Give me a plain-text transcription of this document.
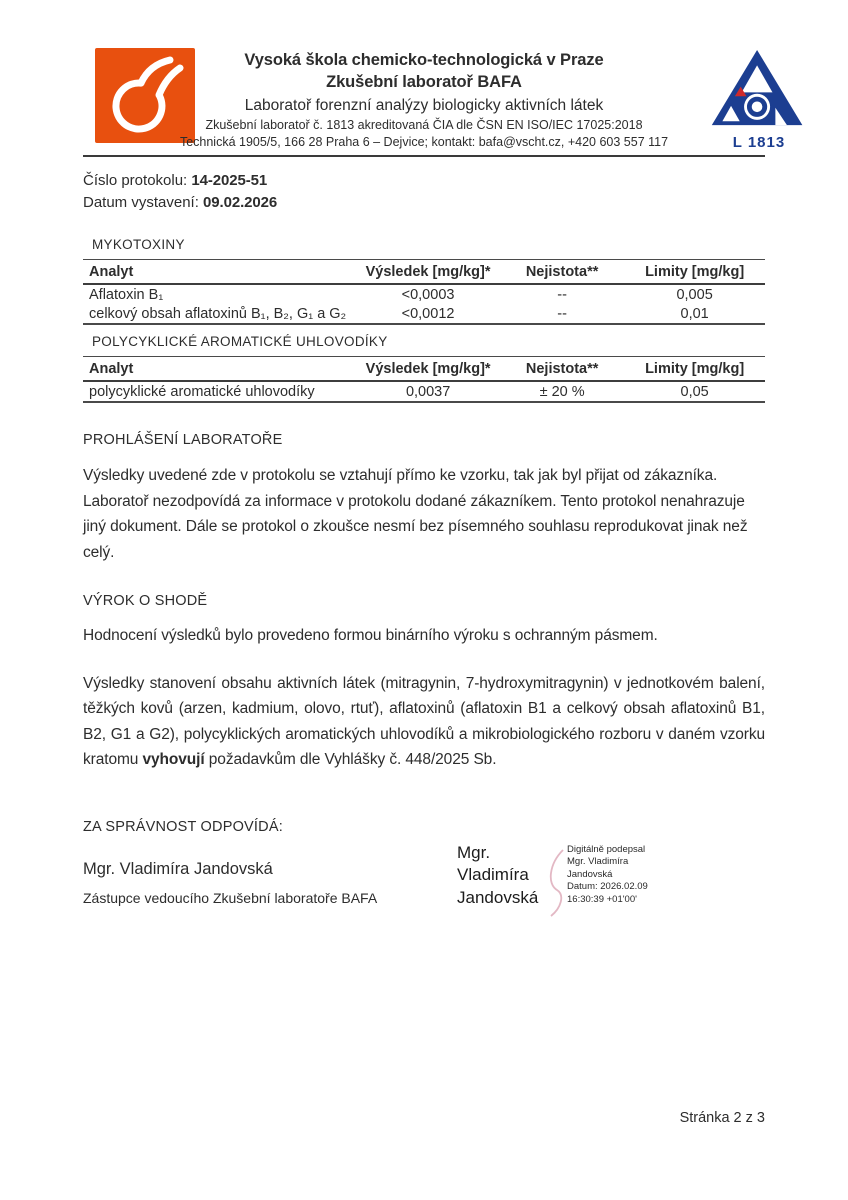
L 1813
Vysoká škola chemicko-technologická v Praze
Zkušební laboratoř BAFA
Laboratoř forenzní analýzy biologicky aktivních látek
Zkušební laboratoř č. 1813 akreditovaná ČIA dle ČSN EN ISO/IEC 17025:2018
Technická 1905/5, 166 28 Praha 6 – Dejvice; kontakt: bafa@vscht.cz, +420 603 557 117
Číslo protokolu: 14-2025-51
Datum vystavení: 09.02.2026
MYKOTOXINY
Analyt	Výsledek [mg/kg]*	Nejistota**	Limity [mg/kg]
Aflatoxin B₁	<0,0003	--	0,005
celkový obsah aflatoxinů B₁, B₂, G₁ a G₂	<0,0012	--	0,01
POLYCYKLICKÉ AROMATICKÉ UHLOVODÍKY
Analyt	Výsledek [mg/kg]*	Nejistota**	Limity [mg/kg]
polycyklické aromatické uhlovodíky	0,0037	± 20 %	0,05
PROHLÁŠENÍ LABORATOŘE

Výsledky uvedené zde v protokolu se vztahují přímo ke vzorku, tak jak byl přijat od zákazníka. Laboratoř nezodpovídá za informace v protokolu dodané zákazníkem. Tento protokol nenahrazuje jiný dokument. Dále se protokol o zkoušce nesmí bez písemného souhlasu reprodukovat jinak než celý.

VÝROK O SHODĚ

Hodnocení výsledků bylo provedeno formou binárního výroku s ochranným pásmem.

Výsledky stanovení obsahu aktivních látek (mitragynin, 7-hydroxymitragynin) v jednotkovém balení, těžkých kovů (arzen, kadmium, olovo, rtuť), aflatoxinů (aflatoxin B1 a celkový obsah aflatoxinů B1, B2, G1 a G2), polycyklických aromatických uhlovodíků a mikrobiologického rozboru v daném vzorku kratomu vyhovují požadavkům dle Vyhlášky č. 448/2025 Sb.

ZA SPRÁVNOST ODPOVÍDÁ:
Mgr. Vladimíra Jandovská
Zástupce vedoucího Zkušební laboratoře BAFA
Mgr.
Vladimíra
Jandovská
Digitálně podepsal
Mgr. Vladimíra
Jandovská
Datum: 2026.02.09
16:30:39 +01'00'
Stránka 2 z 3
